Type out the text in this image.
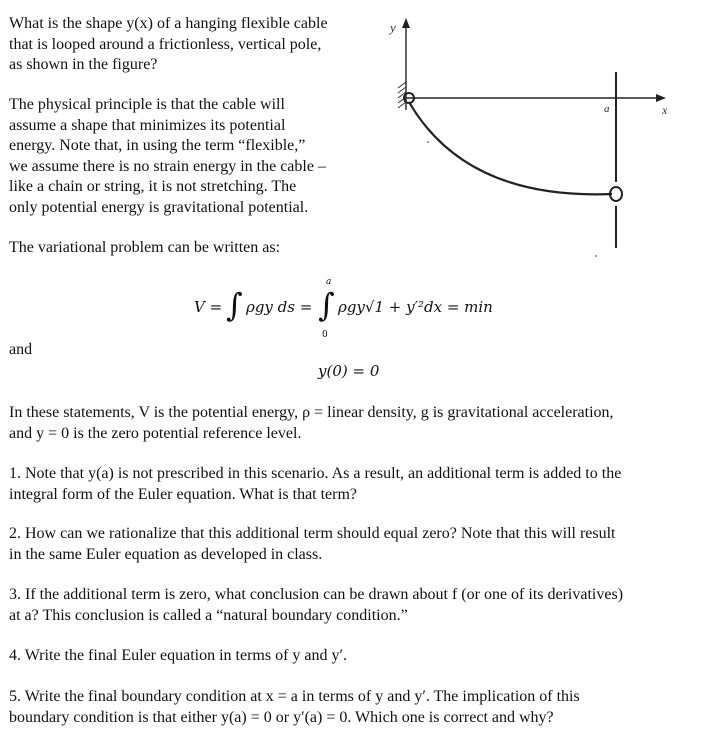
What is the shape y(x) of a hanging flexible cable
that is looped around a frictionless, vertical pole,
as shown in the figure?
The physical principle is that the cable will
assume a shape that minimizes its potential
energy. Note that, in using the term “flexible,”
we assume there is no strain energy in the cable –
like a chain or string, it is not stretching. The
only potential energy is gravitational potential.
The variational problem can be written as:
V = ∫ ρgy ds =
a
∫
0
ρgy√1 + y′²dx = min
and
y(0) = 0
In these statements, V is the potential energy, ρ = linear density, g is gravitational acceleration,
and y = 0 is the zero potential reference level.
1. Note that y(a) is not prescribed in this scenario. As a result, an additional term is added to the
integral form of the Euler equation. What is that term?
2. How can we rationalize that this additional term should equal zero? Note that this will result
in the same Euler equation as developed in class.
3. If the additional term is zero, what conclusion can be drawn about f (or one of its derivatives)
at a? This conclusion is called a “natural boundary condition.”
4. Write the final Euler equation in terms of y and y′.
5. Write the final boundary condition at x = a in terms of y and y′. The implication of this
boundary condition is that either y(a) = 0 or y′(a) = 0. Which one is correct and why?
y
x
a
